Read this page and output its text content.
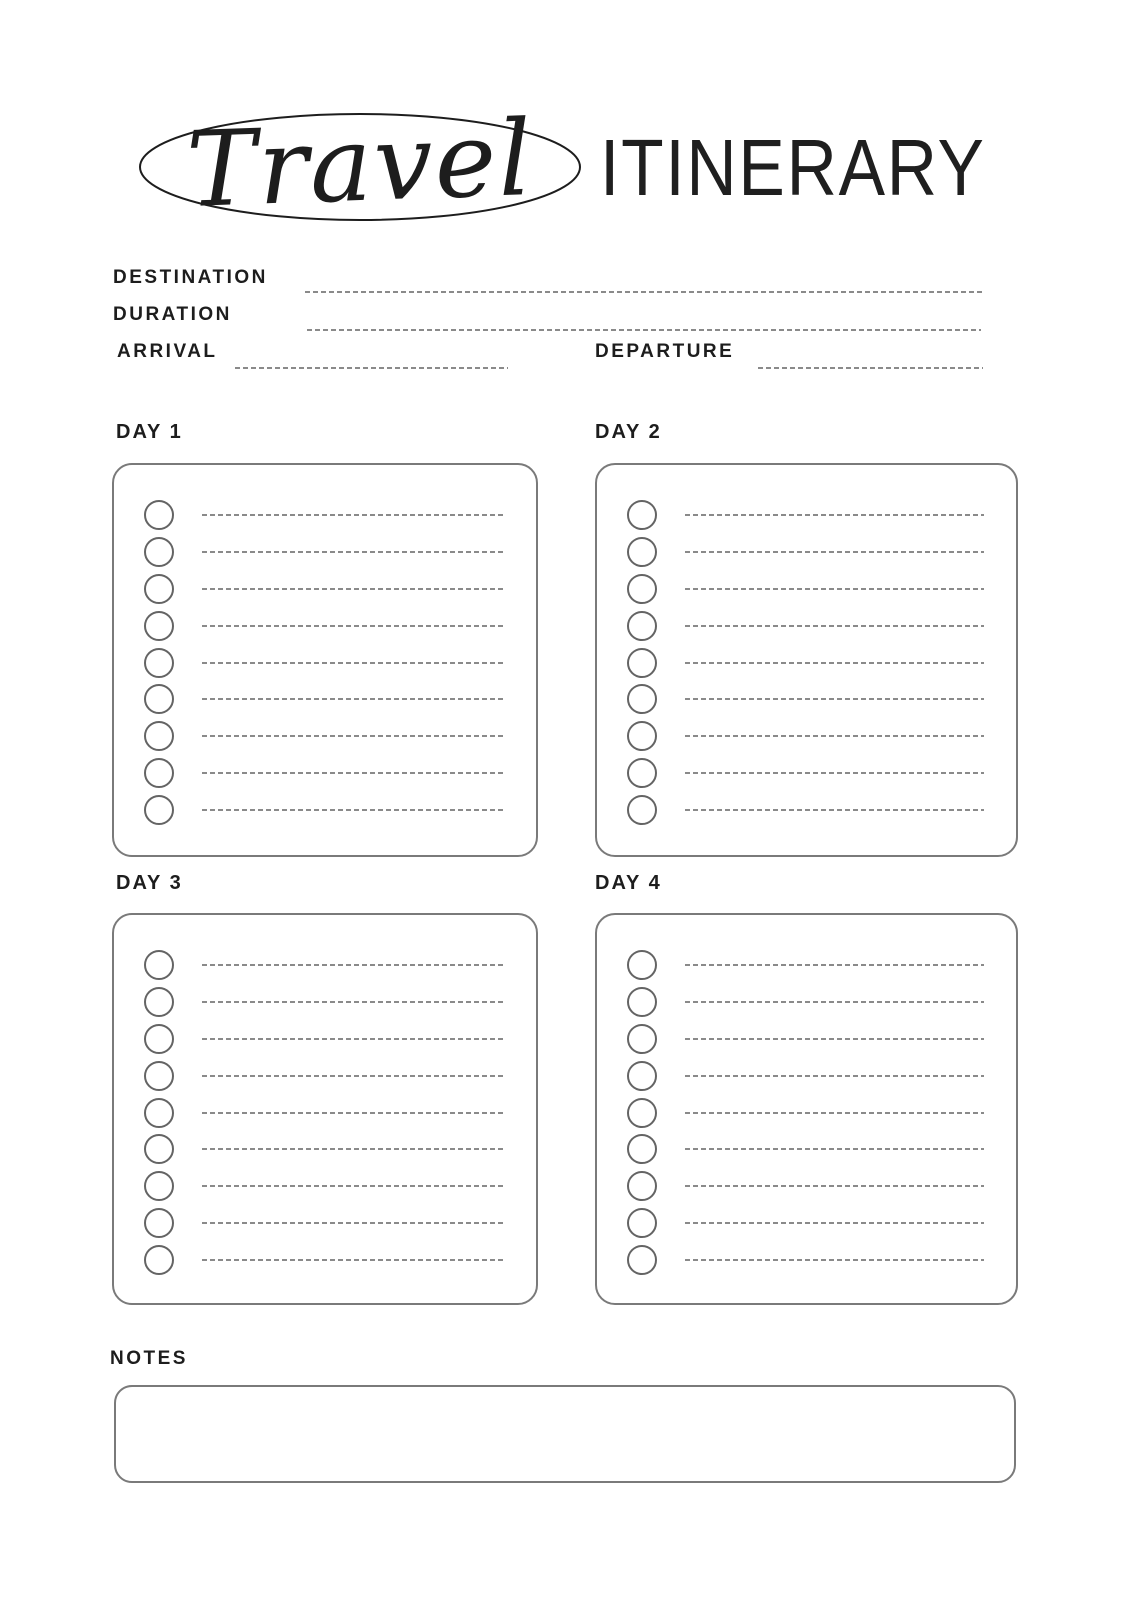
Travel ITINERARY
DESTINATION
DURATION
ARRIVAL	DEPARTURE
DAY 1	DAY 2
DAY 3	DAY 4
NOTES
